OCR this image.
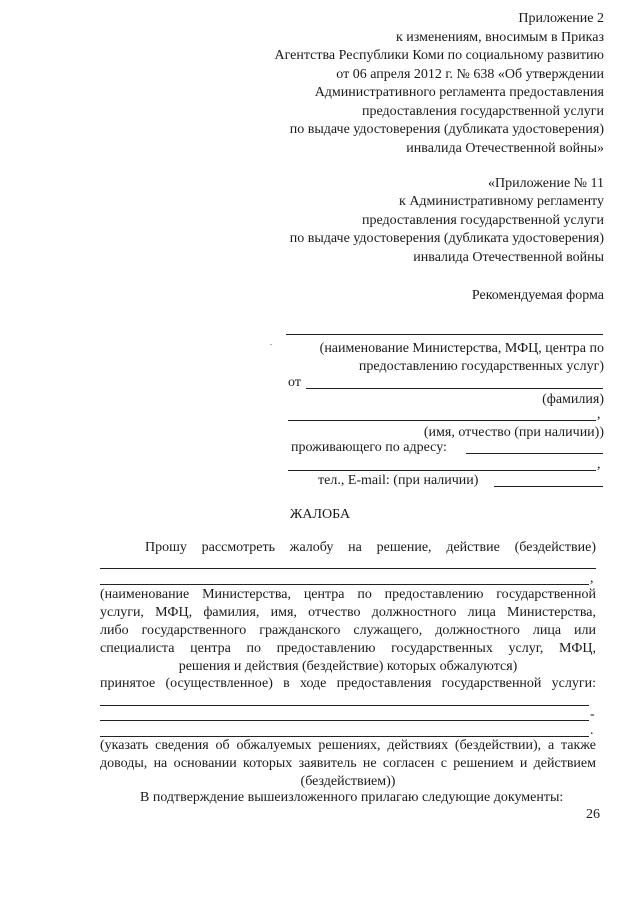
Приложение 2
к изменениям, вносимым в Приказ
Агентства Республики Коми по социальному развитию
от 06 апреля 2012 г. № 638 «Об утверждении
Административного регламента предоставления
предоставления государственной услуги
по выдаче удостоверения (дубликата удостоверения)
инвалида Отечественной войны»
«Приложение № 11
к Административному регламенту
предоставления государственной услуги
по выдаче удостоверения (дубликата удостоверения)
инвалида Отечественной войны
Рекомендуемая форма
.	(наименование Министерства, МФЦ, центра по
предоставлению государственных услуг)
от
(фамилия)
,
(имя, отчество (при наличии))
проживающего по адресу:
,
тел., E-mail: (при наличии)
ЖАЛОБА
Прошу рассмотреть жалобу на решение, действие (бездействие)
,
(наименование Министерства, центра по предоставлению государственной
услуги, МФЦ, фамилия, имя, отчество должностного лица Министерства,
либо государственного гражданского служащего, должностного лица или
специалиста центра по предоставлению государственных услуг, МФЦ,
решения и действия (бездействие) которых обжалуются)
принятое (осуществленное) в ходе предоставления государственной услуги:
-
.
(указать сведения об обжалуемых решениях, действиях (бездействии), а также
доводы, на основании которых заявитель не согласен с решением и действием
(бездействием))
В подтверждение вышеизложенного прилагаю следующие документы:
26
